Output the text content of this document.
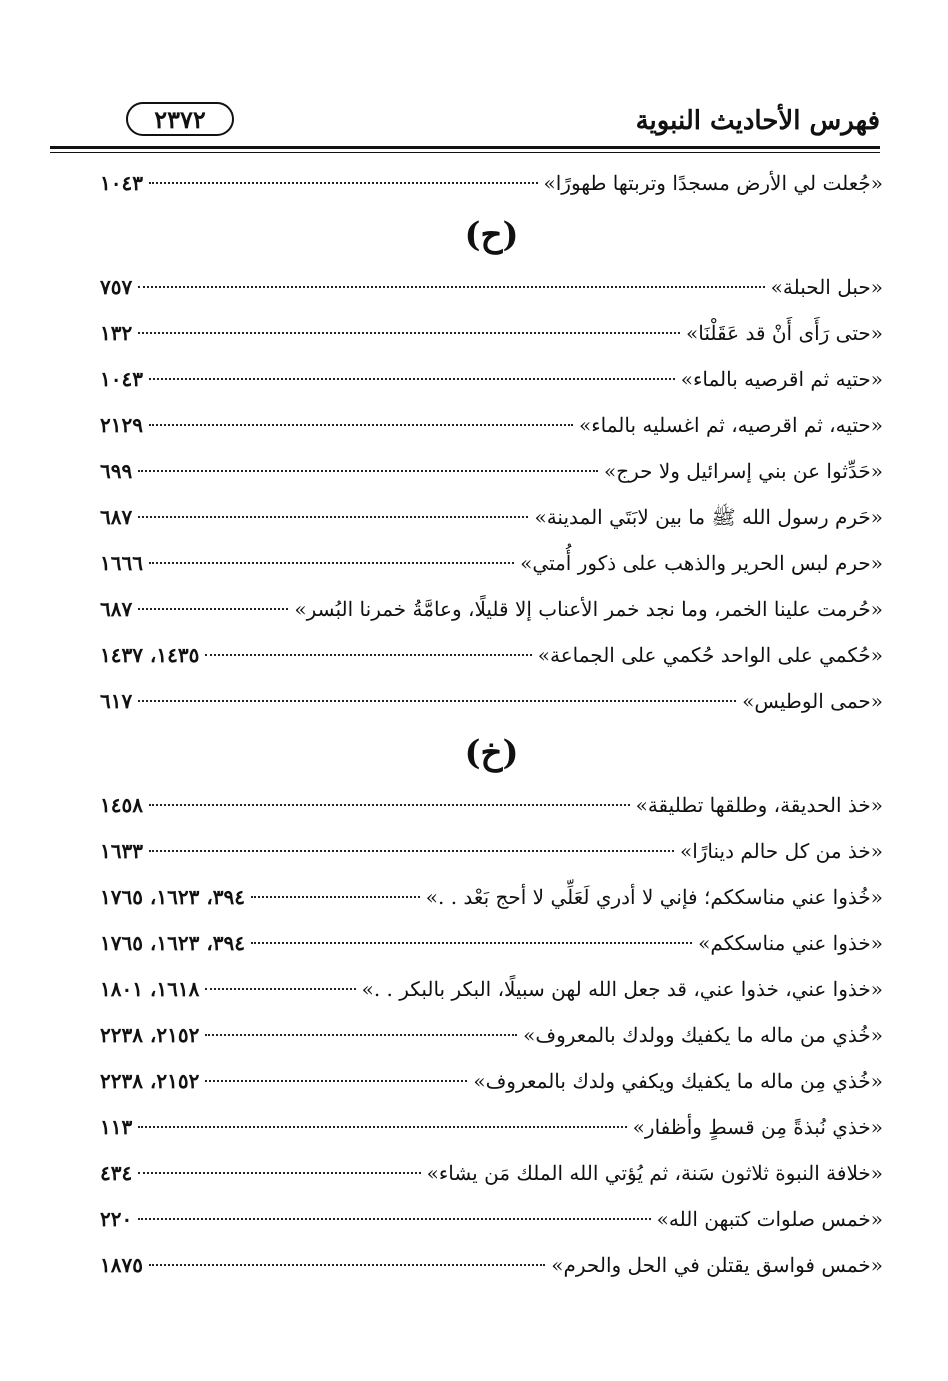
فهرس الأحاديث النبوية
٢٣٧٢
«جُعلت لي الأرض مسجدًا وتربتها طهورًا»
١٠٤٣
(ح)
«حبل الحبلة»
٧٥٧
«حتى رَأَى أَنْ قد عَقَلْنَا»
١٣٢
«حتيه ثم اقرصيه بالماء»
١٠٤٣
«حتيه، ثم اقرصيه، ثم اغسليه بالماء»
٢١٢٩
«حَدِّثوا عن بني إسرائيل ولا حرج»
٦٩٩
«حَرم رسول الله ﷺ ما بين لابَتَي المدينة»
٦٨٧
«حرم لبس الحرير والذهب على ذكور أُمتي»
١٦٦٦
«حُرمت علينا الخمر، وما نجد خمر الأعناب إلا قليلًا، وعامَّةُ خمرنا البُسر»
٦٨٧
«حُكمي على الواحد حُكمي على الجماعة»
١٤٣٥، ١٤٣٧
«حمى الوطيس»
٦١٧
(خ)
«خذ الحديقة، وطلقها تطليقة»
١٤٥٨
«خذ من كل حالم دينارًا»
١٦٣٣
«خُذوا عني مناسككم؛ فإني لا أدري لَعَلِّي لا أحج بَعْد . .»
٣٩٤، ١٦٢٣، ١٧٦٥
«خذوا عني مناسككم»
٣٩٤، ١٦٢٣، ١٧٦٥
«خذوا عني، خذوا عني، قد جعل الله لهن سبيلًا، البكر بالبكر . .»
١٦١٨، ١٨٠١
«خُذي من ماله ما يكفيك وولدك بالمعروف»
٢١٥٢، ٢٢٣٨
«خُذي مِن ماله ما يكفيك ويكفي ولدك بالمعروف»
٢١٥٢، ٢٢٣٨
«خذي نُبذةً مِن قسطٍ وأظفار»
١١٣
«خلافة النبوة ثلاثون سَنة، ثم يُؤتي الله الملك مَن يشاء»
٤٣٤
«خمس صلوات كتبهن الله»
٢٢٠
«خمس فواسق يقتلن في الحل والحرم»
١٨٧٥
